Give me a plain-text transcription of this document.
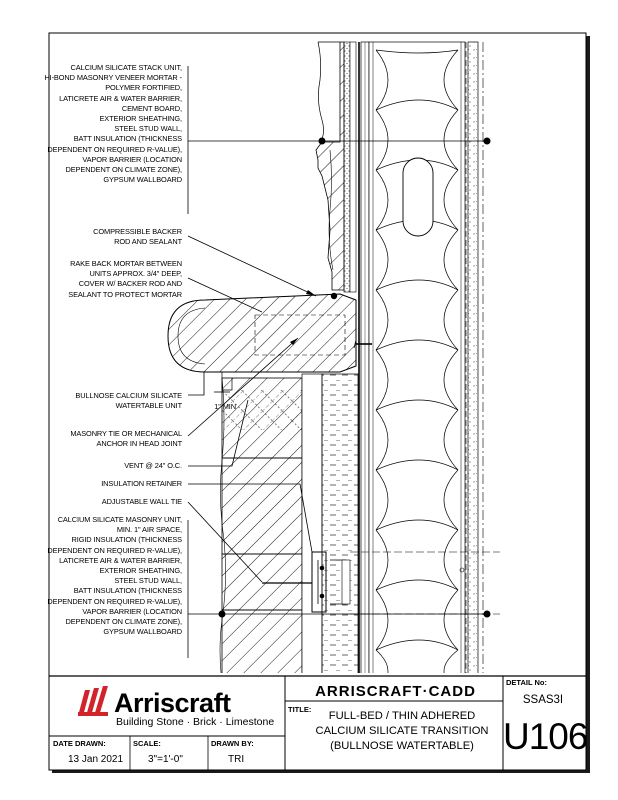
CALCIUM SILICATE STACK UNIT,
HI-BOND MASONRY VENEER MORTAR -
POLYMER FORTIFIED,
LATICRETE AIR & WATER BARRIER,
CEMENT BOARD,
EXTERIOR SHEATHING,
STEEL STUD WALL,
BATT INSULATION (THICKNESS
DEPENDENT ON REQUIRED R-VALUE),
VAPOR BARRIER (LOCATION
DEPENDENT ON CLIMATE ZONE),
GYPSUM WALLBOARD
COMPRESSIBLE BACKER
ROD AND SEALANT
RAKE BACK MORTAR BETWEEN
UNITS APPROX. 3/4" DEEP,
COVER W/ BACKER ROD AND
SEALANT TO PROTECT MORTAR
BULLNOSE CALCIUM SILICATE
WATERTABLE UNIT	1" MIN
MASONRY TIE OR MECHANICAL
ANCHOR IN HEAD JOINT
VENT @ 24" O.C.
INSULATION RETAINER
ADJUSTABLE WALL TIE
CALCIUM SILICATE MASONRY UNIT,
MIN. 1" AIR SPACE,
RIGID INSULATION (THICKNESS
DEPENDENT ON REQUIRED R-VALUE),
LATICRETE AIR & WATER BARRIER,
EXTERIOR SHEATHING,
STEEL STUD WALL,
BATT INSULATION (THICKNESS
DEPENDENT ON REQUIRED R-VALUE),
VAPOR BARRIER (LOCATION
DEPENDENT ON CLIMATE ZONE),
GYPSUM WALLBOARD
Arriscraft
Building Stone · Brick · Limestone
ARRISCRAFT·CADD
TITLE:
FULL-BED / THIN ADHERED
CALCIUM SILICATE TRANSITION
(BULLNOSE WATERTABLE)
DETAIL No:
SSAS3I
U106
DATE DRAWN:
13 Jan 2021
SCALE:
3"=1'-0"
DRAWN BY:
TRI
